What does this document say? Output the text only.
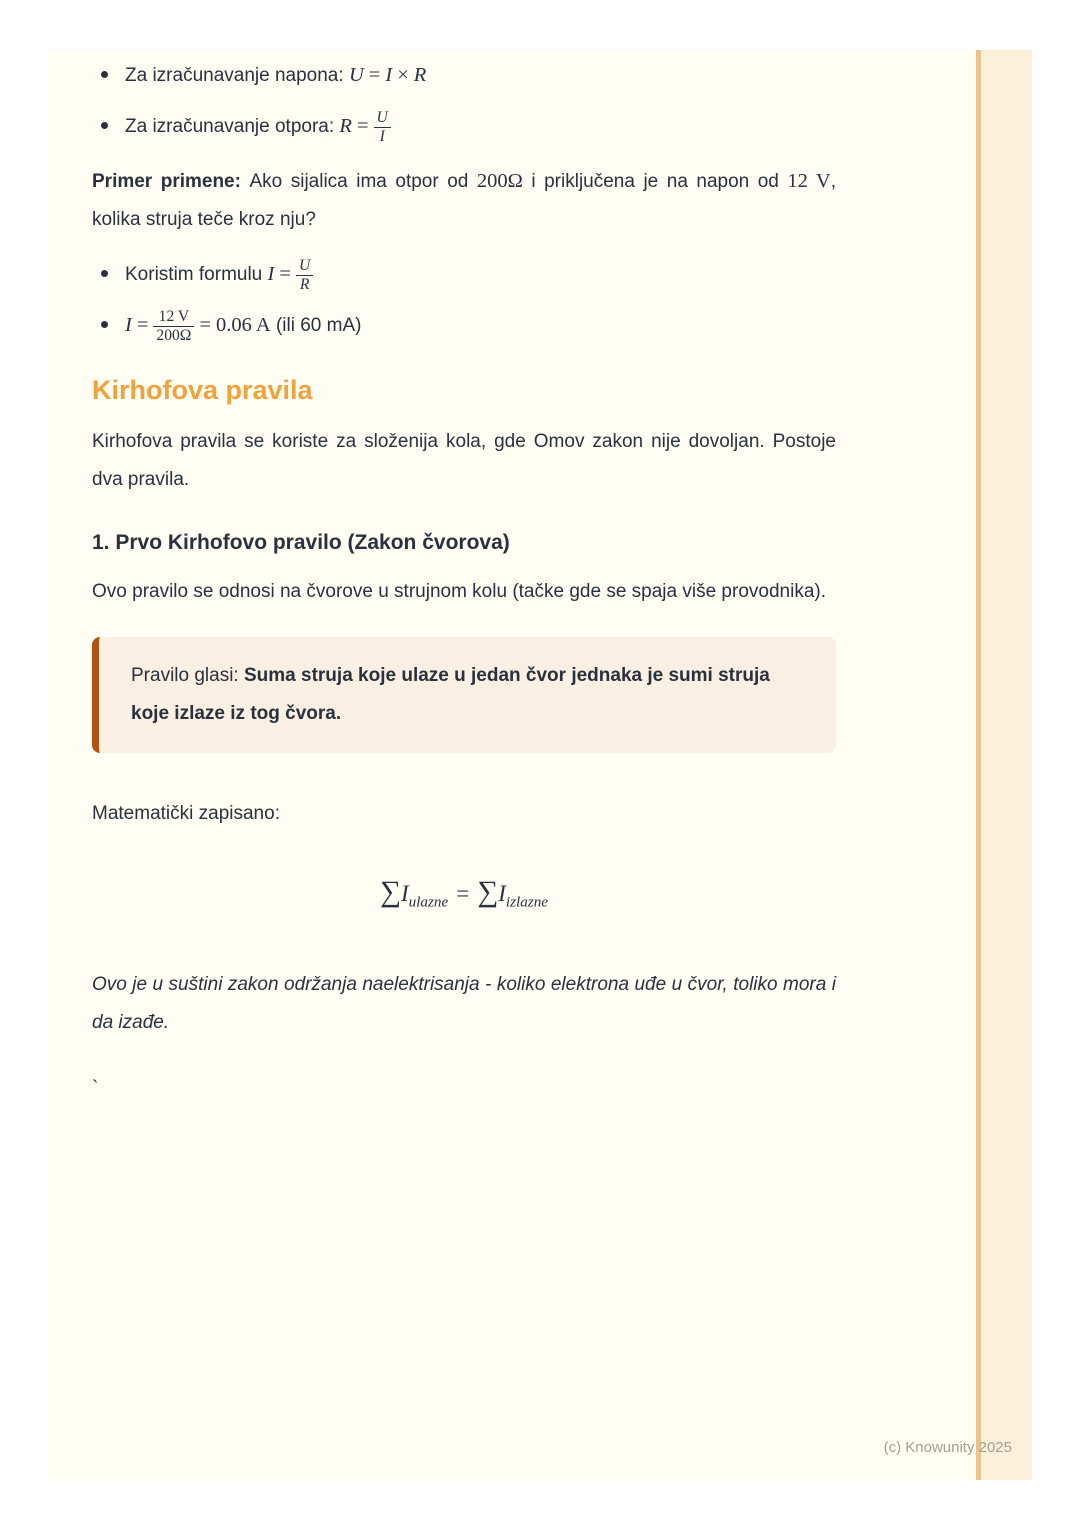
Za izračunavanje napona: U = I × R
Za izračunavanje otpora: $R = \frac{U}{I}$

Primer primene: Ako sijalica ima otpor od 200Ω i priključena je na napon od 12 V, kolika struja teče kroz nju?

Koristim formulu $I = \frac{U}{R}$
$I = \frac{12 V}{200\Omega} = 0.06$ A (ili 60 mA)
Kirhofova pravila

Kirhofova pravila se koriste za složenija kola, gde Omov zakon nije dovoljan. Postoje dva pravila.

1. Prvo Kirhofovo pravilo (Zakon čvorova)

Ovo pravilo se odnosi na čvorove u strujnom kolu (tačke gde se spaja više provodnika).

Pravilo glasi: Suma struja koje ulaze u jedan čvor jednaka je sumi struja koje izlaze iz tog čvora.

Matematički zapisano:

$\sum I_{ulazne} = \sum I_{izlazne}$

Ovo je u suštini zakon održanja naelektrisanja - koliko elektrona uđe u čvor, toliko mora i da izađe.

`

(c) Knowunity 2025
